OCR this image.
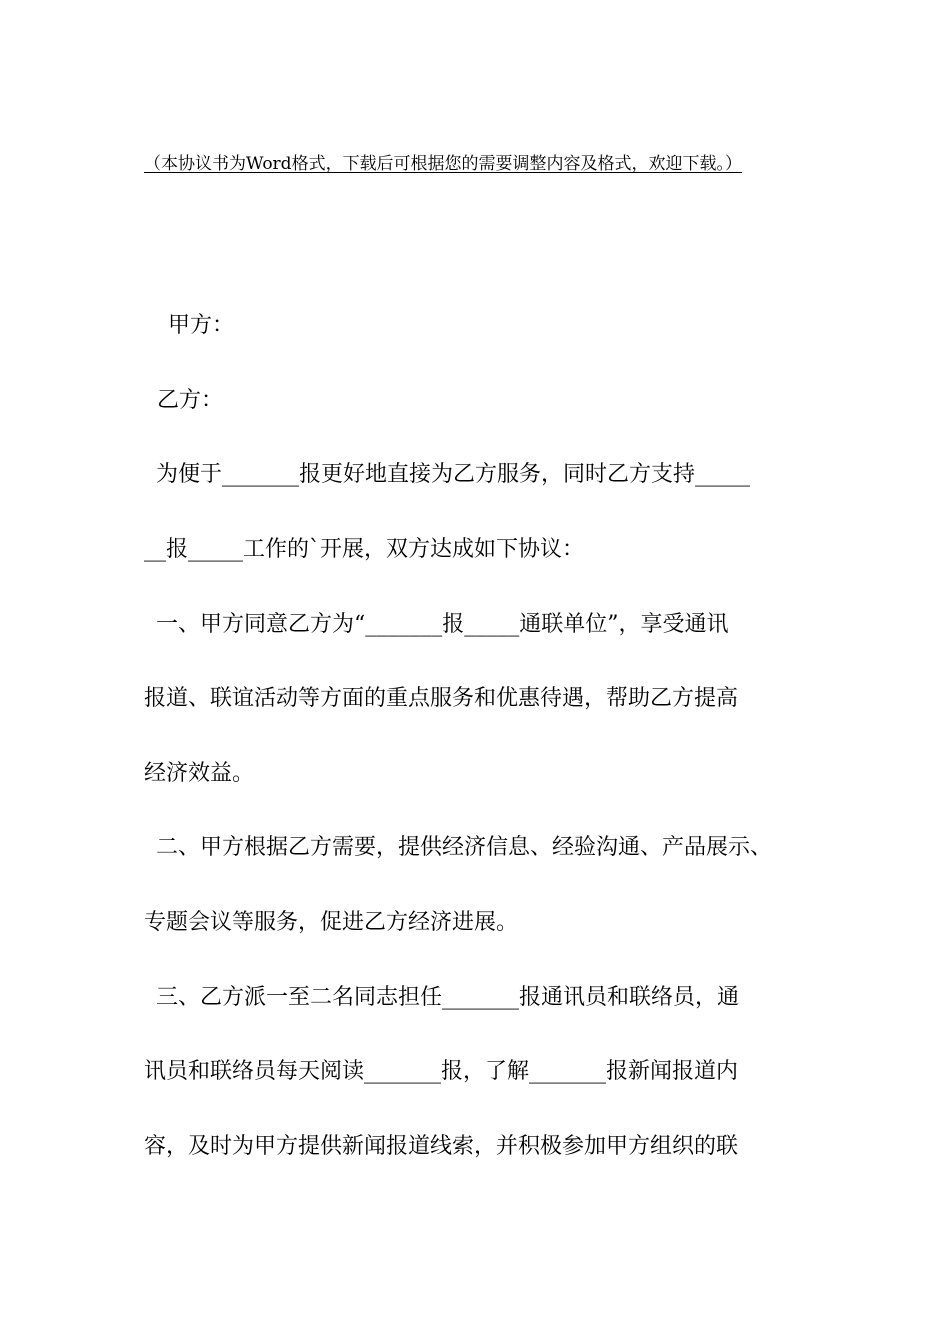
（本协议书为Word格式，下载后可根据您的需要调整内容及格式，欢迎下载。）
甲方：
乙方：
为便于_______报更好地直接为乙方服务，同时乙方支持_____
__报_____工作的`开展，双方达成如下协议：
一、甲方同意乙方为“_______报_____通联单位”，享受通讯
报道、联谊活动等方面的重点服务和优惠待遇，帮助乙方提高
经济效益。
二、甲方根据乙方需要，提供经济信息、经验沟通、产品展示、
专题会议等服务，促进乙方经济进展。
三、乙方派一至二名同志担任_______报通讯员和联络员，通
讯员和联络员每天阅读_______报，了解_______报新闻报道内
容，及时为甲方提供新闻报道线索，并积极参加甲方组织的联
